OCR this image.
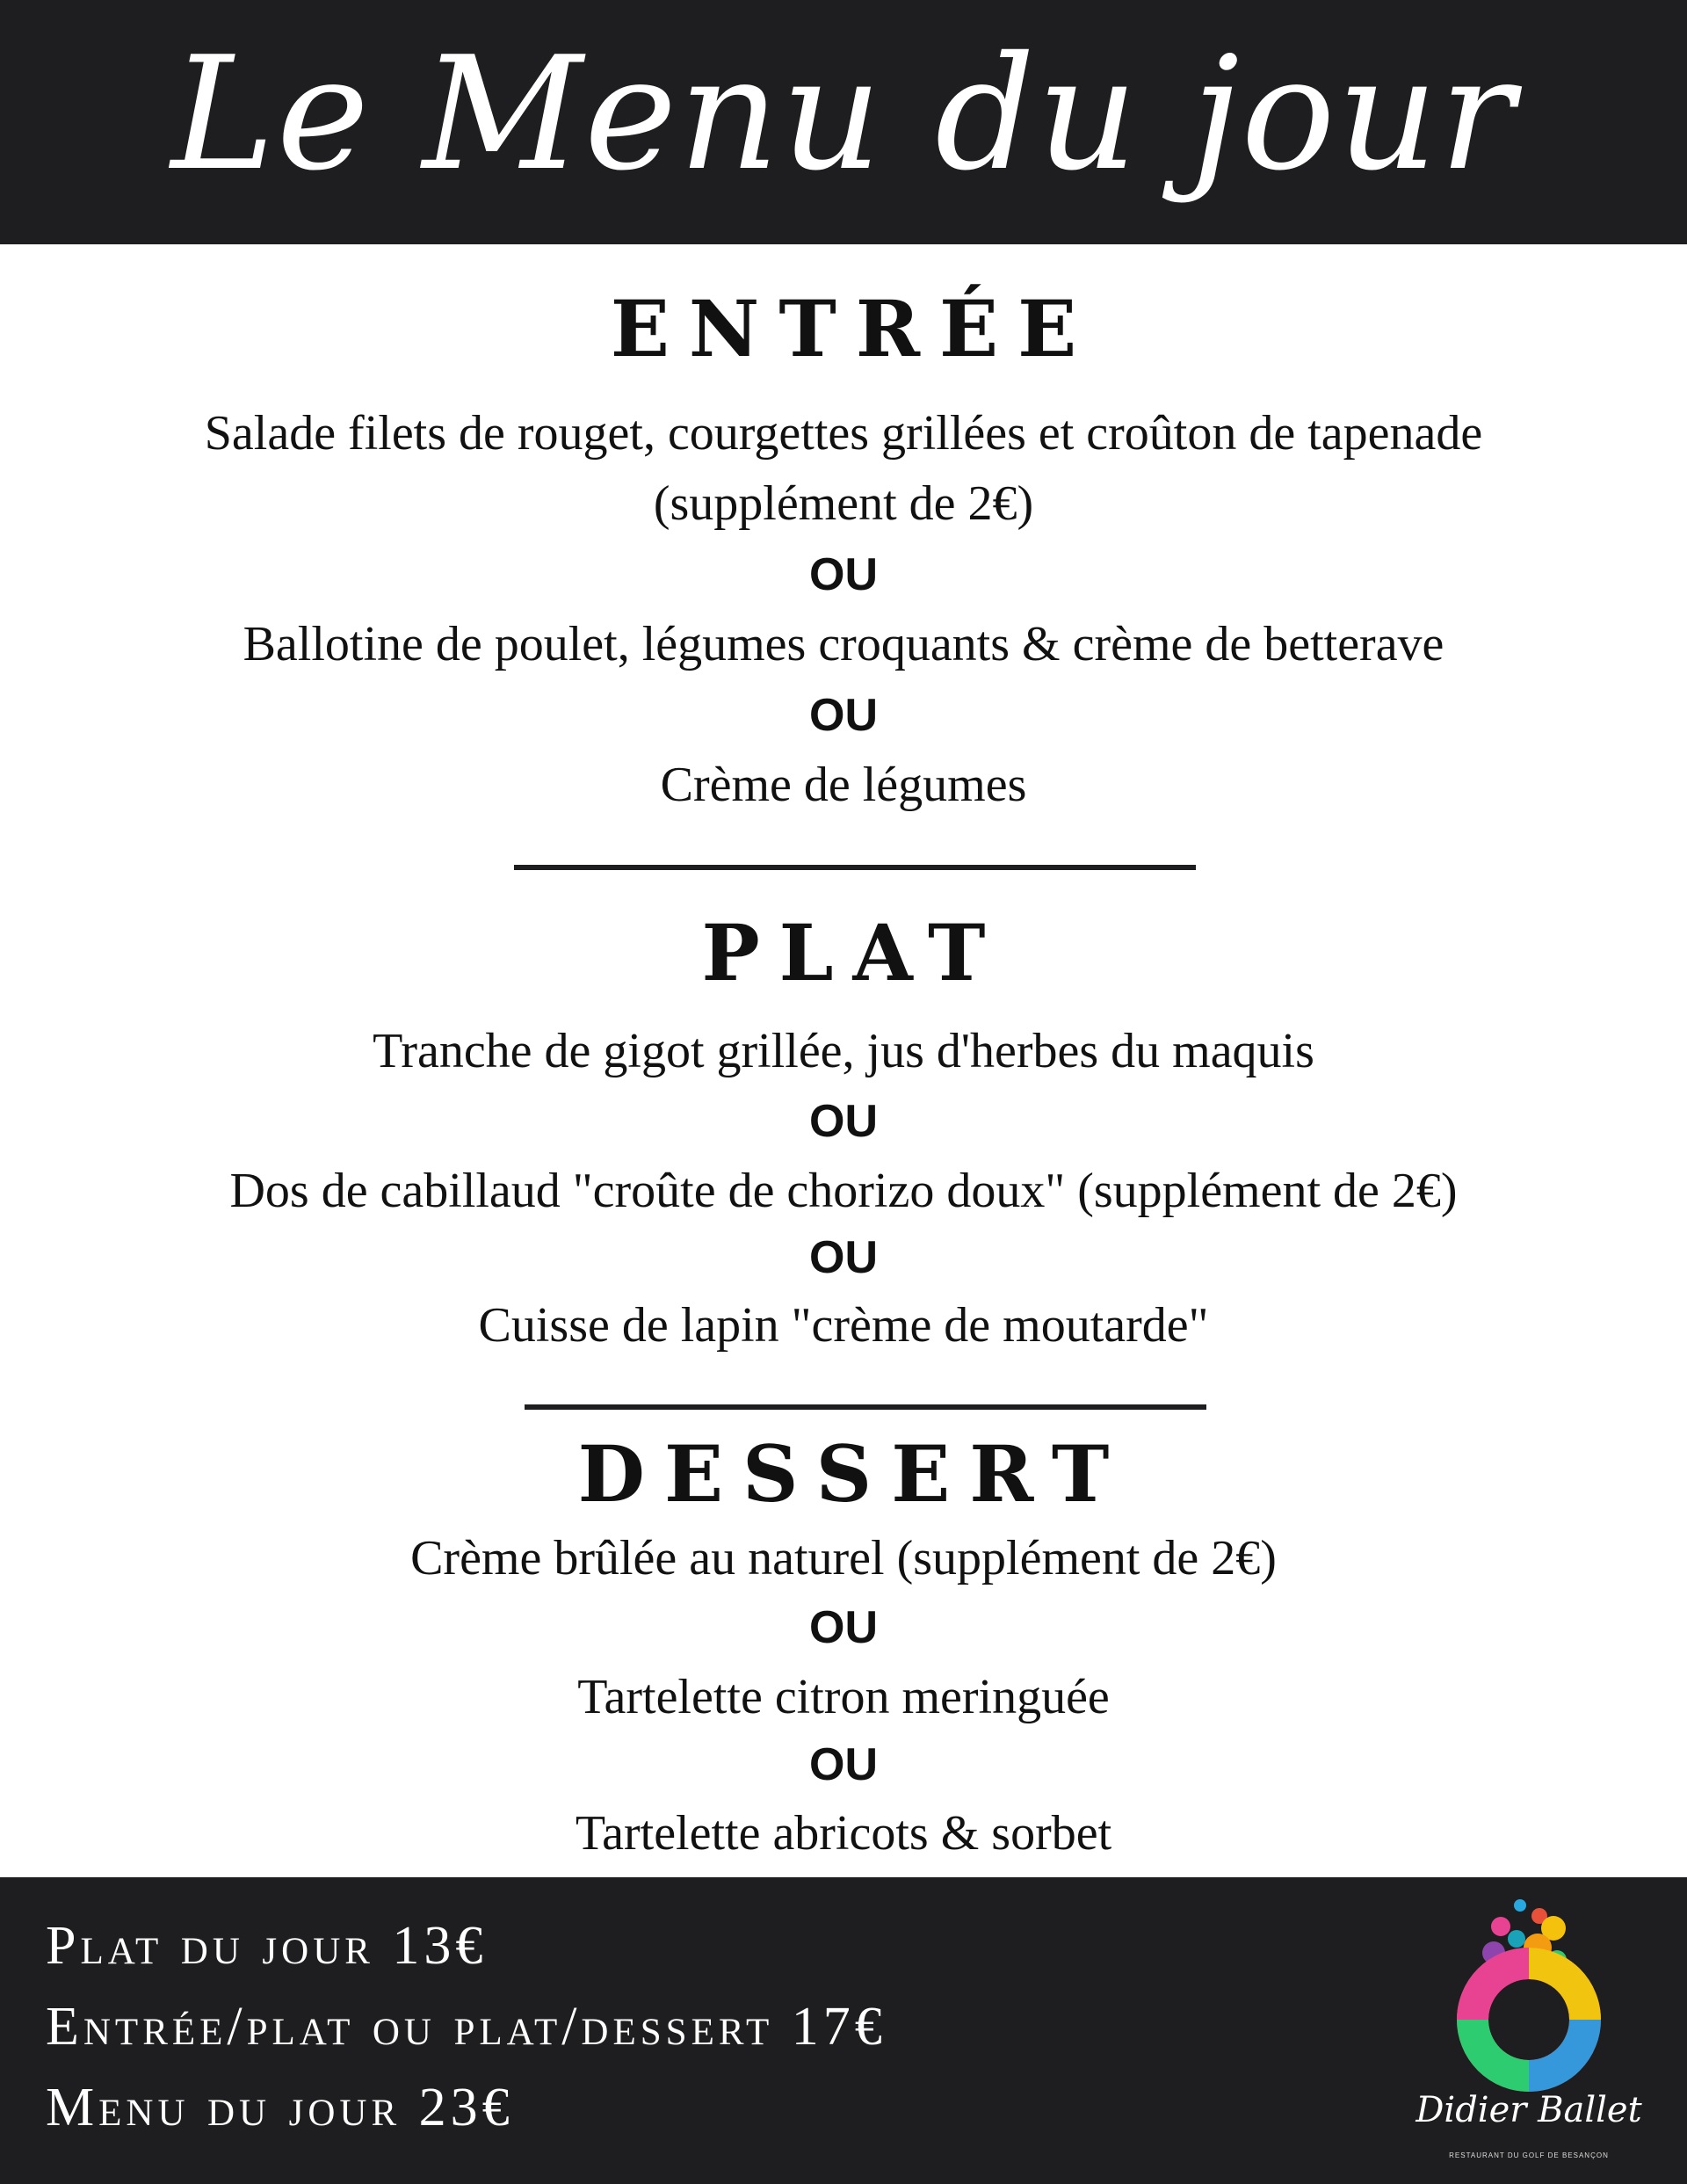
Le Menu du jour
ENTRÉE
Salade filets de rouget, courgettes grillées et croûton de tapenade
(supplément de 2€)
OU
Ballotine de poulet, légumes croquants & crème de betterave
OU
Crème de légumes
PLAT
Tranche de gigot grillée, jus d'herbes du maquis
OU
Dos de cabillaud "croûte de chorizo doux" (supplément de 2€)
OU
Cuisse de lapin "crème de moutarde"
DESSERT
Crème brûlée au naturel (supplément de 2€)
OU
Tartelette citron meringuée
OU
Tartelette abricots & sorbet
Plat du jour 13€
Entrée/plat ou plat/dessert 17€
Menu du jour 23€	Didier Ballet
RESTAURANT DU GOLF DE BESANÇON
